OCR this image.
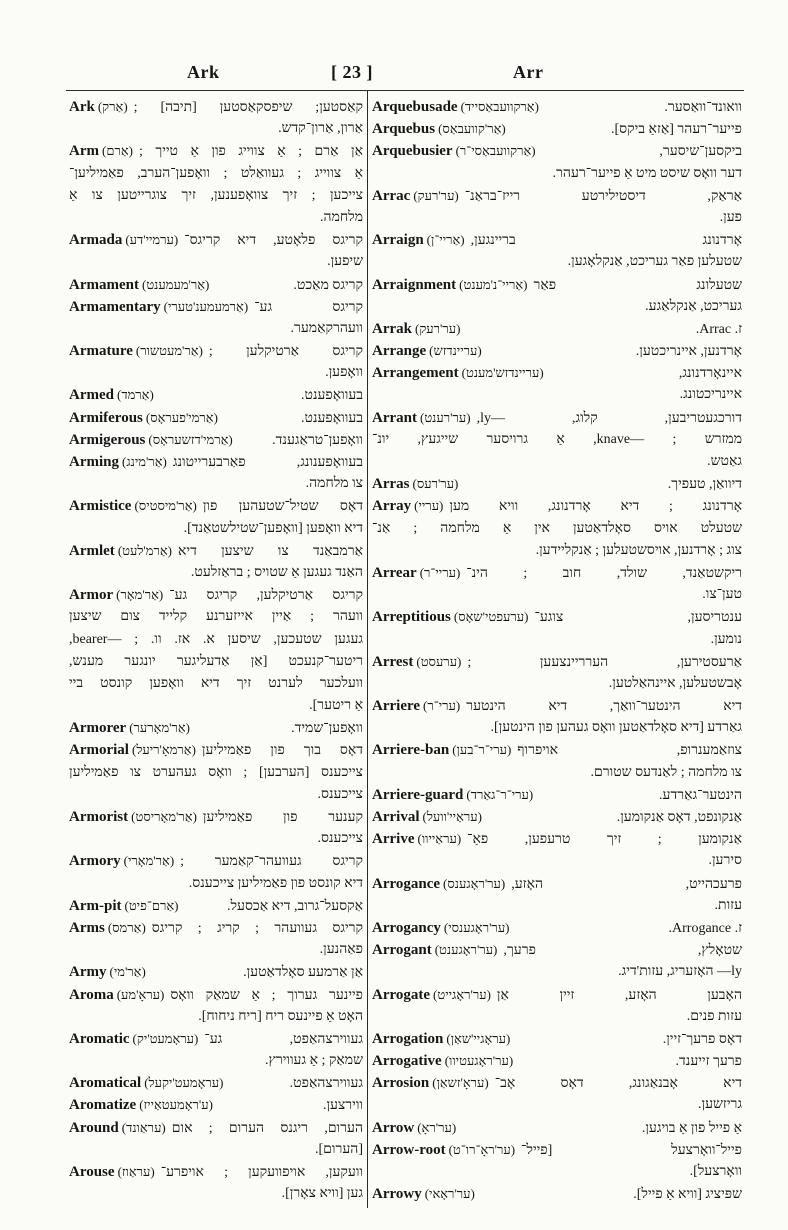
Ark	[ 23 ]	Arr
Ark	קאַסטען; שיפסקאַסטען [תיבה] ;
(אַרק)
אַרון, אַרון־קדש.
Arm	אַן אַרם ; אַ צווייג פון אַ טייך ;
(אַרם)
אַ צווייג ; געוואַלט ; וואָפען־הערב, פאַמיליען־
צייכען ; זיך צוואָפענען, זיך צוגרייטען צו אַ
מלחמה.
Armada	קריגס פלאָטע, דיא קריגס־
(ערמיי'דע)
שיפען.
Armament	קריגס מאַכט.
(אַר'מעמענט)
Armamentary	קריגס גע־
(אַרמעמענ'טערי)
וועהרקאַמער.
Armature	קריגס אַרטיקלען ;
(אַר'מעטשור)
וואָפען.
Armed	בעוואָפענט.
(אַרמד)
Armiferous	בעוואָפענט.
(אַרמי'פעראָס)
Armigerous	וואָפען־טראַגענד.
(אַרמי'דזשעראָס)
Arming	בעוואָפענונג, פאַרבערייטונג
(אַר'מינג)
צו מלחמה.
Armistice	דאָס שטיל־שטעהען פון
(אַר'מיסטיס)
דיא וואָפען [וואָפען־שטילשטאַנד].
Armlet	אַרמבאַנד צו שיצען דיא
(אַרמ'לעט)
האַנד געגען אַ שטויס ; בראַזלעט.
Armor	קריגס אַרטיקלען, קריגס גע־
(אַר'מאָר)
וועהר ; אַיין אייזערנע קלייד צום שיצען
געגען שטעכען, שיסען א. אז. וו. ; —bearer,
ריטער־קנעכט [אַן אַדעליגער יונגער מענש,
וועלכער לערנט זיך דיא וואָפען קונסט ביי
אַ ריטער].
Armorer	וואָפען־שמיד.
(אַר'מאָרער)
Armorial	דאָס בוך פון פאַמיליען
(אַרמאָ'ריעל)
צייכענס [הערבען] ; וואָס געהערט צו פאַמיליען
צייכענס.
Armorist	קענער פון פאַמיליען
(אַר'מאָריסט)
צייכענס.
Armory	קריגס געוועהר־קאַמער ;
(אַר'מאָרי)
דיא קונסט פון פאַמיליען צייכענס.
Arm-pit	אַקסעל־גרוב, דיא אַכסעל.
(אַרם־פיט)
Arms	קריגס געוועהר ; קריג ; קריגס
(אַרמס)
פאַהנען.
Army	אַן אַרמעע סאָלדאַטען.
(אַר'מי)
Aroma	פיינער גערוך ; אַ שמאַק וואָס
(עראָ'מע)
האָט אַ פיינעס ריח [ריח ניחוח].
Aromatic	געווירצהאַפט, גע־
(עראָמעט'יק)
שמאַק ; אַ געווירץ.
Aromatical	געווירצהאַפט.
(עראָמעט'יקעל)
Aromatize	ווירצען.
(ע'ראָמעטאַייז)
Around	הערום, ריגנס הערום ; אום
(עראַונד)
[הערום].
Arouse	וועקען, אויפוועקען ; אויפרע־
(עראַוז)
גען [וויא צאָרן].
Arquebusade	וואונד־וואַסער.
(אַרקוועבאַסייד)
Arquebus	פייער־רעהר [אַזאַ ביקס].
(אַר'קוועבאַס)
Arquebusier	ביקסען־שיסער,
(אַרקוועבאַסי־ר)
דער וואָס שיסט מיט אַ פייער־רעהר.
Arrac	אַראַק, דיסטילירטע רייז־בראַנ־
(ער'רעק)
פען.
Arraign	אָרדנונג בריינגען,
(אַריי־ן)
שטעלען פאַר געריכט, אַנקלאָגען.
Arraignment	שטעלונג פאַר
(אַריי־נ'מענט)
געריכט, אַנקלאַגע.
Arrak	ז. Arrac.
(ער'רעק)
Arrange	אָרדנען, איינריכטען.
(עריינדזש)
Arrangement	איינאָרדנונג,
(עריינדזש'מענט)
איינריכטונג.
Arrant	דורכגעטריבען, קלוג, —ly,
(ער'רענט)
ממזרש ; —knave, אַ גרויסער שייגעץ, יונ־
גאַטש.
Arras	דיוואַן, טעפיך.
(ער'רעס)
Array	אָרדנונג ; דיא אָרדנונג, וויא מען
(עריי)
שטעלט אויס סאָלדאַטען אין אַ מלחמה ; אַנ־
צוג ; אָרדנען, אויסשטעלען ; אַנקליידען.
Arrear	ריקשטאַנד, שולד, חוב ; הינ־
(עריי־ר)
טען־צו.
Arreptitious	ענטריסען, צוגע־
(ערעפטי'שאָס)
נומען.
Arrest	אַרעסטירען, הערריינצעען ;
(ערעסט)
אָבשטעלען, איינהאַלטען.
Arriere	דיא הינטער־וואַך, דיא הינטער
(ערי־ר)
גאַרדע [דיא סאָלדאַטען וואָס געהען פון הינטען].
Arriere-ban	צוזאַמענרופ, אויפרוף
(ערי־ר־בען)
צו מלחמה ; לאַנדעס שטורם.
Arriere-guard	הינטער־גאַרדע.
(ערי־ר־גאַרד)
Arrival	אַנקונפט, דאָס אַנקומען.
(עראַיי'וועל)
Arrive	אַנקומען ; זיך טרעפען, פאַ־
(עראַייוו)
סירען.
Arrogance	פרעכהייט, האָזע,
(ער'ראָגענס)
עזות.
Arrogancy	ז. Arrogance.
(ער'ראָגענסי)
Arrogant	שטאָלץ, פרעך,
(ער'ראָגענט)
ly— האָזעריג, עזות'דיג.
Arrogate	האָבען האָזע, זיין אַן
(ער'ראָגייט)
עזות פנים.
Arrogation	דאָס פרעך־זיין.
(עראָגיי'שאַן)
Arrogative	פרעך זייענד.
(ער'ראָגעטיוו)
Arrosion	דיא אָבנאַגונג, דאָס אָב־
(עראָ'זשאַן)
גריזשען.
Arrow	אַ פייל פון אַ בויגען.
(ער'ראָ)
Arrow-root	פייל־וואָרצעל [פייל־
(ער'ראָ־רו־ט)
וואָרצעל].
Arrowy	שפּיציג [וויא אַ פייל].
(ער'ראָאי)
